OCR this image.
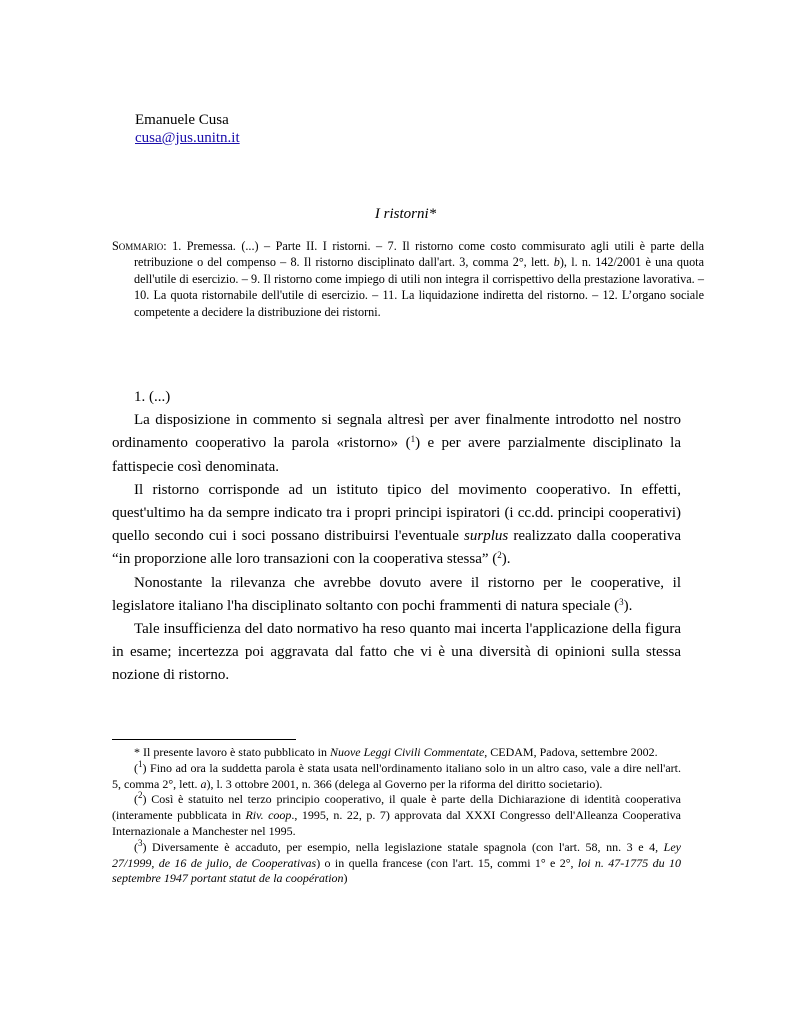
Emanuele Cusa
cusa@jus.unitn.it
I ristorni*
Sommario: 1. Premessa. (...) – Parte II. I ristorni. – 7. Il ristorno come costo commisurato agli utili è parte della retribuzione o del compenso – 8. Il ristorno disciplinato dall'art. 3, comma 2°, lett. b), l. n. 142/2001 è una quota dell'utile di esercizio. – 9. Il ristorno come impiego di utili non integra il corrispettivo della prestazione lavorativa. – 10. La quota ristornabile dell'utile di esercizio. – 11. La liquidazione indiretta del ristorno. – 12. L’organo sociale competente a decidere la distribuzione dei ristorni.

1. (...)

La disposizione in commento si segnala altresì per aver finalmente introdotto nel nostro ordinamento cooperativo la parola «ristorno» ($^1$) e per avere parzialmente disciplinato la fattispecie così denominata.

Il ristorno corrisponde ad un istituto tipico del movimento cooperativo. In effetti, quest'ultimo ha da sempre indicato tra i propri principi ispiratori (i cc.dd. principi cooperativi) quello secondo cui i soci possano distribuirsi l'eventuale surplus realizzato dalla cooperativa “in proporzione alle loro transazioni con la cooperativa stessa” ($^2$).

Nonostante la rilevanza che avrebbe dovuto avere il ristorno per le cooperative, il legislatore italiano l'ha disciplinato soltanto con pochi frammenti di natura speciale ($^3$).

Tale insufficienza del dato normativo ha reso quanto mai incerta l'applicazione della figura in esame; incertezza poi aggravata dal fatto che vi è una diversità di opinioni sulla stessa nozione di ristorno.

* Il presente lavoro è stato pubblicato in Nuove Leggi Civili Commentate, CEDAM, Padova, settembre 2002.

($^1$) Fino ad ora la suddetta parola è stata usata nell'ordinamento italiano solo in un altro caso, vale a dire nell'art. 5, comma 2°, lett. a), l. 3 ottobre 2001, n. 366 (delega al Governo per la riforma del diritto societario).

($^2$) Così è statuito nel terzo principio cooperativo, il quale è parte della Dichiarazione di identità cooperativa (interamente pubblicata in Riv. coop., 1995, n. 22, p. 7) approvata dal XXXI Congresso dell'Alleanza Cooperativa Internazionale a Manchester nel 1995.

($^3$) Diversamente è accaduto, per esempio, nella legislazione statale spagnola (con l'art. 58, nn. 3 e 4, Ley 27/1999, de 16 de julio, de Cooperativas) o in quella francese (con l'art. 15, commi 1° e 2°, loi n. 47-1775 du 10 septembre 1947 portant statut de la coopération)
